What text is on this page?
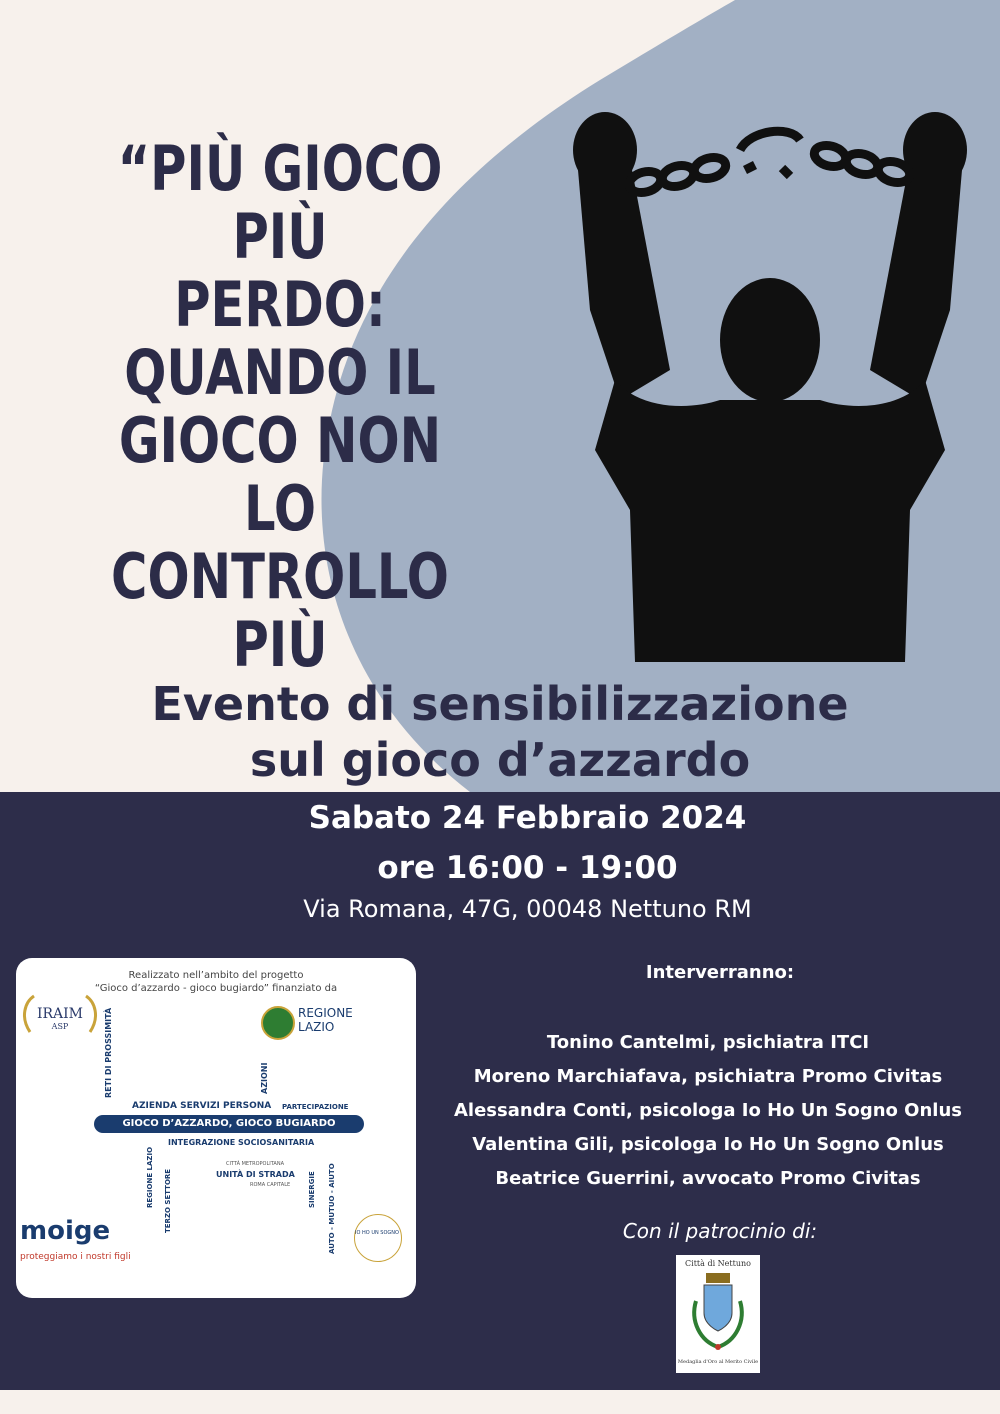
“PIÙ GIOCO PIÙ
PERDO:
QUANDO IL
GIOCO NON LO
CONTROLLO
PIÙ
Evento di sensibilizzazione
sul gioco d’azzardo
Sabato 24 Febbraio 2024
ore 16:00 - 19:00
Via Romana, 47G, 00048 Nettuno RM
Realizzato nell’ambito del progetto
“Gioco d’azzardo - gioco bugiardo” finanziato da
IRAIM
ASP
REGIONE
LAZIO
RETI DI PROSSIMITÀ
AZIENDA SERVIZI PERSONA
AZIONI
PARTECIPAZIONE
GIOCO D’AZZARDO, GIOCO BUGIARDO
INTEGRAZIONE SOCIOSANITARIA
CITTÀ METROPOLITANA
UNITÀ DI STRADA
ROMA CAPITALE
REGIONE LAZIO TERZO SETTORE	SINERGIE AUTO - MUTUO - AIUTO
moige
proteggiamo i nostri figli
IO HO UN SOGNO
Interverranno:
Tonino Cantelmi, psichiatra ITCI
Moreno Marchiafava, psichiatra Promo Civitas
Alessandra Conti, psicologa Io Ho Un Sogno Onlus
Valentina Gili, psicologa Io Ho Un Sogno Onlus
Beatrice Guerrini, avvocato Promo Civitas
Con il patrocinio di:
Città di Nettuno
Medaglia d'Oro al Merito Civile
